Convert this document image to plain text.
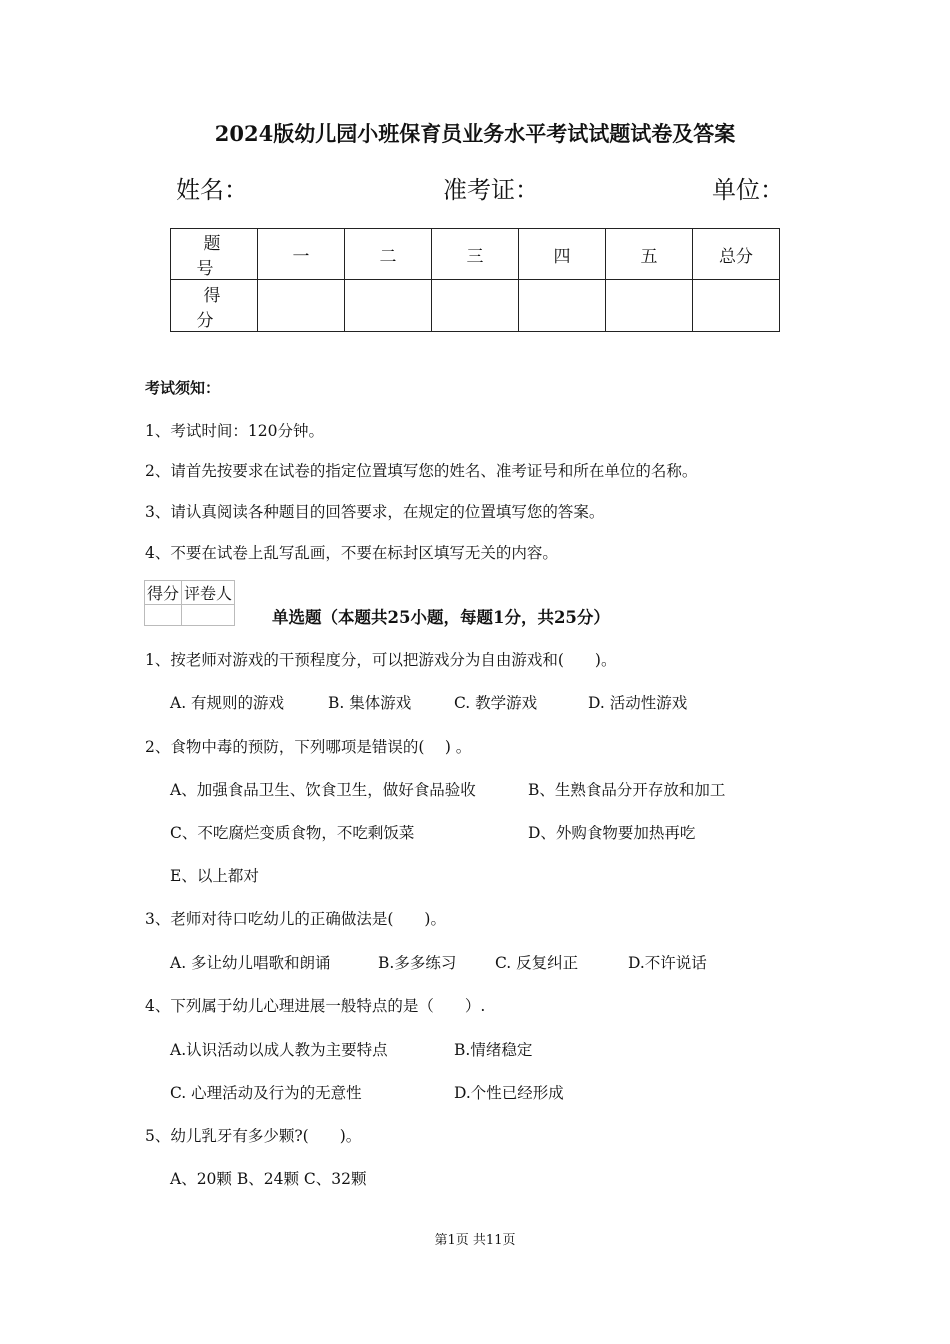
2024版幼儿园小班保育员业务水平考试试题试卷及答案
姓名：	准考证：	单位：
题　号	一	二	三	四	五	总分
得　分						
考试须知：
1、考试时间：120分钟。
2、请首先按要求在试卷的指定位置填写您的姓名、准考证号和所在单位的名称。
3、请认真阅读各种题目的回答要求，在规定的位置填写您的答案。
4、不要在试卷上乱写乱画，不要在标封区填写无关的内容。
得分	评卷人

单选题（本题共25小题，每题1分，共25分）
1、按老师对游戏的干预程度分，可以把游戏分为自由游戏和(　　)。
A. 有规则的游戏	B. 集体游戏	C. 教学游戏	D. 活动性游戏
2、食物中毒的预防，下列哪项是错误的(　 ) 。
A、加强食品卫生、饮食卫生，做好食品验收	B、生熟食品分开存放和加工
C、不吃腐烂变质食物，不吃剩饭菜	D、外购食物要加热再吃
E、以上都对
3、老师对待口吃幼儿的正确做法是(　　)。
A. 多让幼儿唱歌和朗诵	B.多多练习 C. 反复纠正	D.不许说话
4、下列属于幼儿心理进展一般特点的是（　　）.
A.认识活动以成人教为主要特点	B.情绪稳定
C. 心理活动及行为的无意性	D.个性已经形成
5、幼儿乳牙有多少颗?(　　)。
A、20颗 B、24颗 C、32颗
第1页 共11页
